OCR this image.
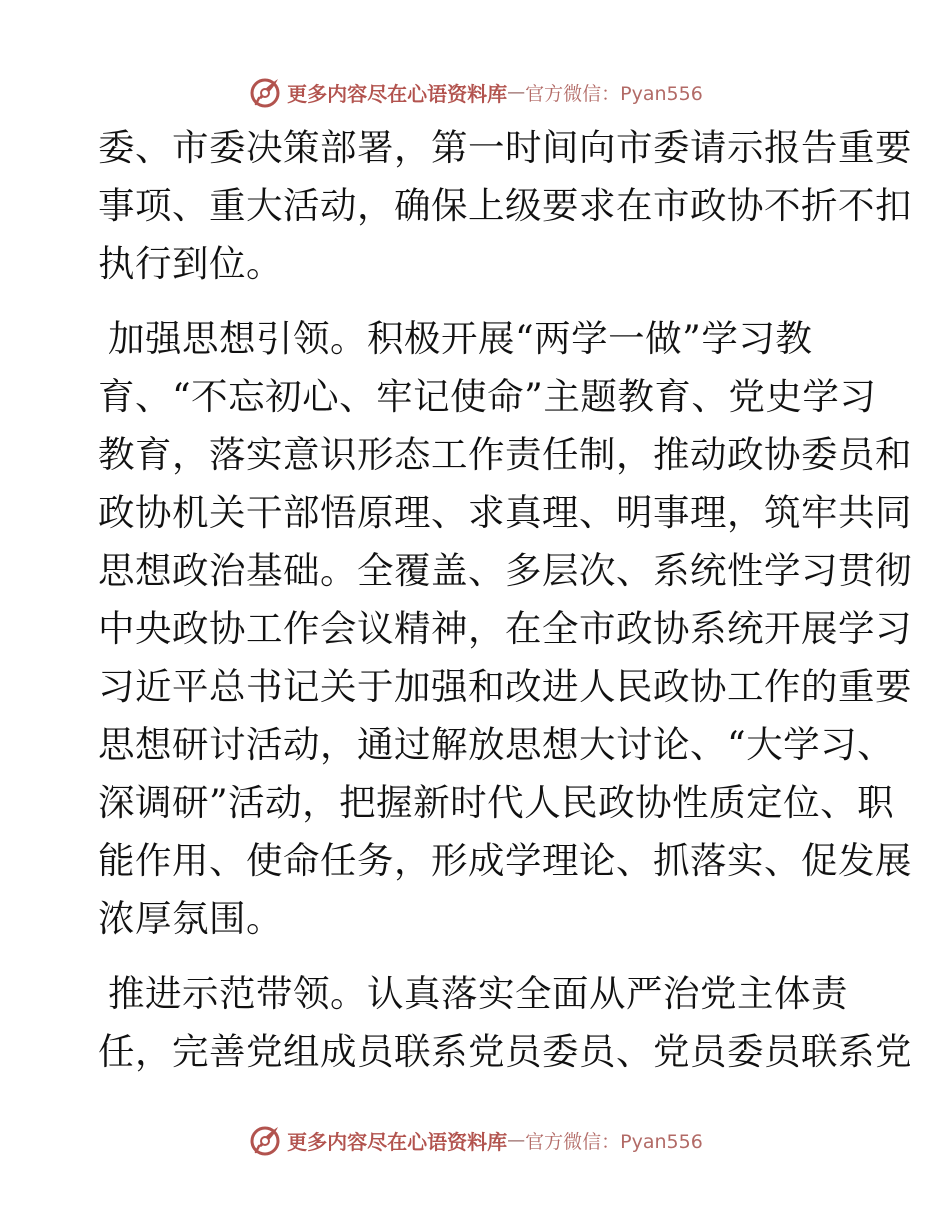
更多内容尽在心语资料库 — 官方微信：Pyan556

委、市委决策部署，第一时间向市委请示报告重要
事项、重大活动，确保上级要求在市政协不折不扣
执行到位。

加强思想引领。积极开展“两学一做”学习教
育、“不忘初心、牢记使命”主题教育、党史学习
教育，落实意识形态工作责任制，推动政协委员和
政协机关干部悟原理、求真理、明事理，筑牢共同
思想政治基础。全覆盖、多层次、系统性学习贯彻
中央政协工作会议精神，在全市政协系统开展学习
习近平总书记关于加强和改进人民政协工作的重要
思想研讨活动，通过解放思想大讨论、“大学习、
深调研”活动，把握新时代人民政协性质定位、职
能作用、使命任务，形成学理论、抓落实、促发展
浓厚氛围。

推进示范带领。认真落实全面从严治党主体责
任，完善党组成员联系党员委员、党员委员联系党

更多内容尽在心语资料库 — 官方微信：Pyan556
